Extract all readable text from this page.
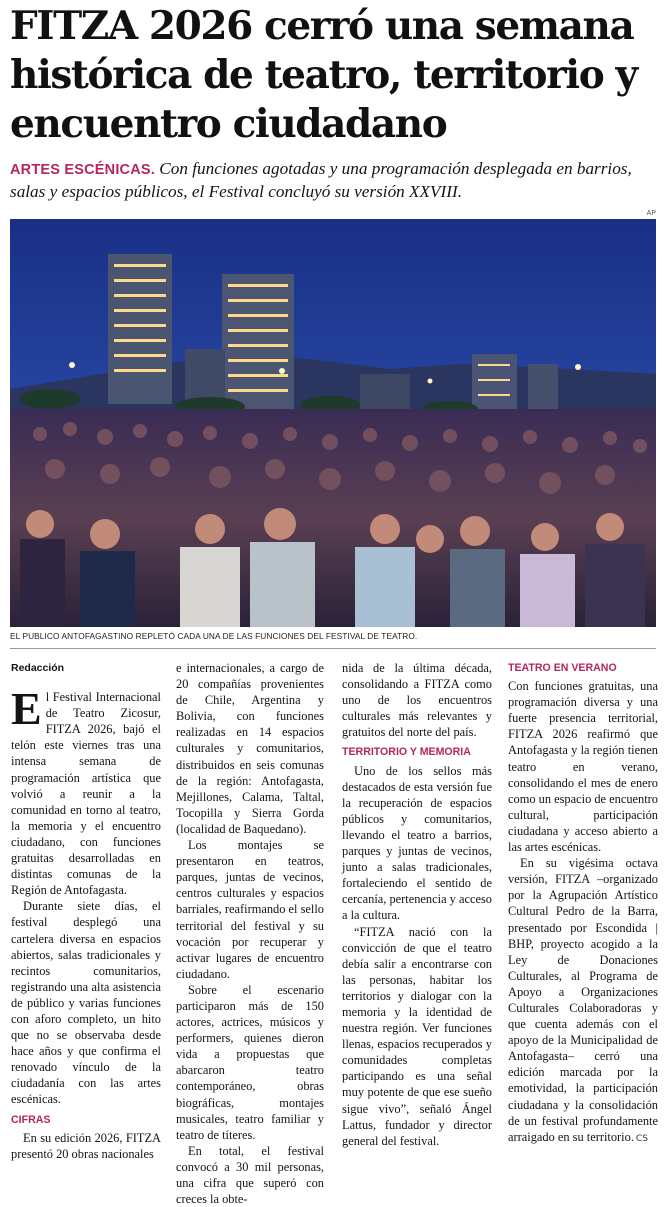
FITZA 2026 cerró una semana histórica de teatro, territorio y encuentro ciudadano

ARTES ESCÉNICAS. Con funciones agotadas y una programación desplegada en barrios, salas y espacios públicos, el Festival concluyó su versión XXVIII.

AP
EL PUBLICO ANTOFAGASTINO REPLETÓ CADA UNA DE LAS FUNCIONES DEL FESTIVAL DE TEATRO.

Redacción

El Festival Internacional de Teatro Zicosur, FITZA 2026, bajó el telón este viernes tras una intensa semana de programación artística que volvió a reunir a la comunidad en torno al teatro, la memoria y el encuentro ciudadano, con funciones gratuitas desarrolladas en distintas comunas de la Región de Antofagasta.

Durante siete días, el festival desplegó una cartelera diversa en espacios abiertos, salas tradicionales y recintos comunitarios, registrando una alta asistencia de público y varias funciones con aforo completo, un hito que no se observaba desde hace años y que confirma el renovado vínculo de la ciudadanía con las artes escénicas.

CIFRAS

En su edición 2026, FITZA presentó 20 obras nacionales

e internacionales, a cargo de 20 compañías provenientes de Chile, Argentina y Bolivia, con funciones realizadas en 14 espacios culturales y comunitarios, distribuidos en seis comunas de la región: Antofagasta, Mejillones, Calama, Taltal, Tocopilla y Sierra Gorda (localidad de Baquedano).

Los montajes se presentaron en teatros, parques, juntas de vecinos, centros culturales y espacios barriales, reafirmando el sello territorial del festival y su vocación por recuperar y activar lugares de encuentro ciudadano.

Sobre el escenario participaron más de 150 actores, actrices, músicos y performers, quienes dieron vida a propuestas que abarcaron teatro contemporáneo, obras biográficas, montajes musicales, teatro familiar y teatro de títeres.

En total, el festival convocó a 30 mil personas, una cifra que superó con creces la obte-

nida de la última década, consolidando a FITZA como uno de los encuentros culturales más relevantes y gratuitos del norte del país.

TERRITORIO Y MEMORIA

Uno de los sellos más destacados de esta versión fue la recuperación de espacios públicos y comunitarios, llevando el teatro a barrios, parques y juntas de vecinos, junto a salas tradicionales, fortaleciendo el sentido de cercanía, pertenencia y acceso a la cultura.

“FITZA nació con la convicción de que el teatro debía salir a encontrarse con las personas, habitar los territorios y dialogar con la memoria y la identidad de nuestra región. Ver funciones llenas, espacios recuperados y comunidades completas participando es una señal muy potente de que ese sueño sigue vivo”, señaló Ángel Lattus, fundador y director general del festival.

TEATRO EN VERANO

Con funciones gratuitas, una programación diversa y una fuerte presencia territorial, FITZA 2026 reafirmó que Antofagasta y la región tienen teatro en verano, consolidando el mes de enero como un espacio de encuentro cultural, participación ciudadana y acceso abierto a las artes escénicas.

En su vigésima octava versión, FITZA –organizado por la Agrupación Artístico Cultural Pedro de la Barra, presentado por Escondida | BHP, proyecto acogido a la Ley de Donaciones Culturales, al Programa de Apoyo a Organizaciones Culturales Colaboradoras y que cuenta además con el apoyo de la Municipalidad de Antofagasta– cerró una edición marcada por la emotividad, la participación ciudadana y la consolidación de un festival profundamente arraigado en su territorio. CS
